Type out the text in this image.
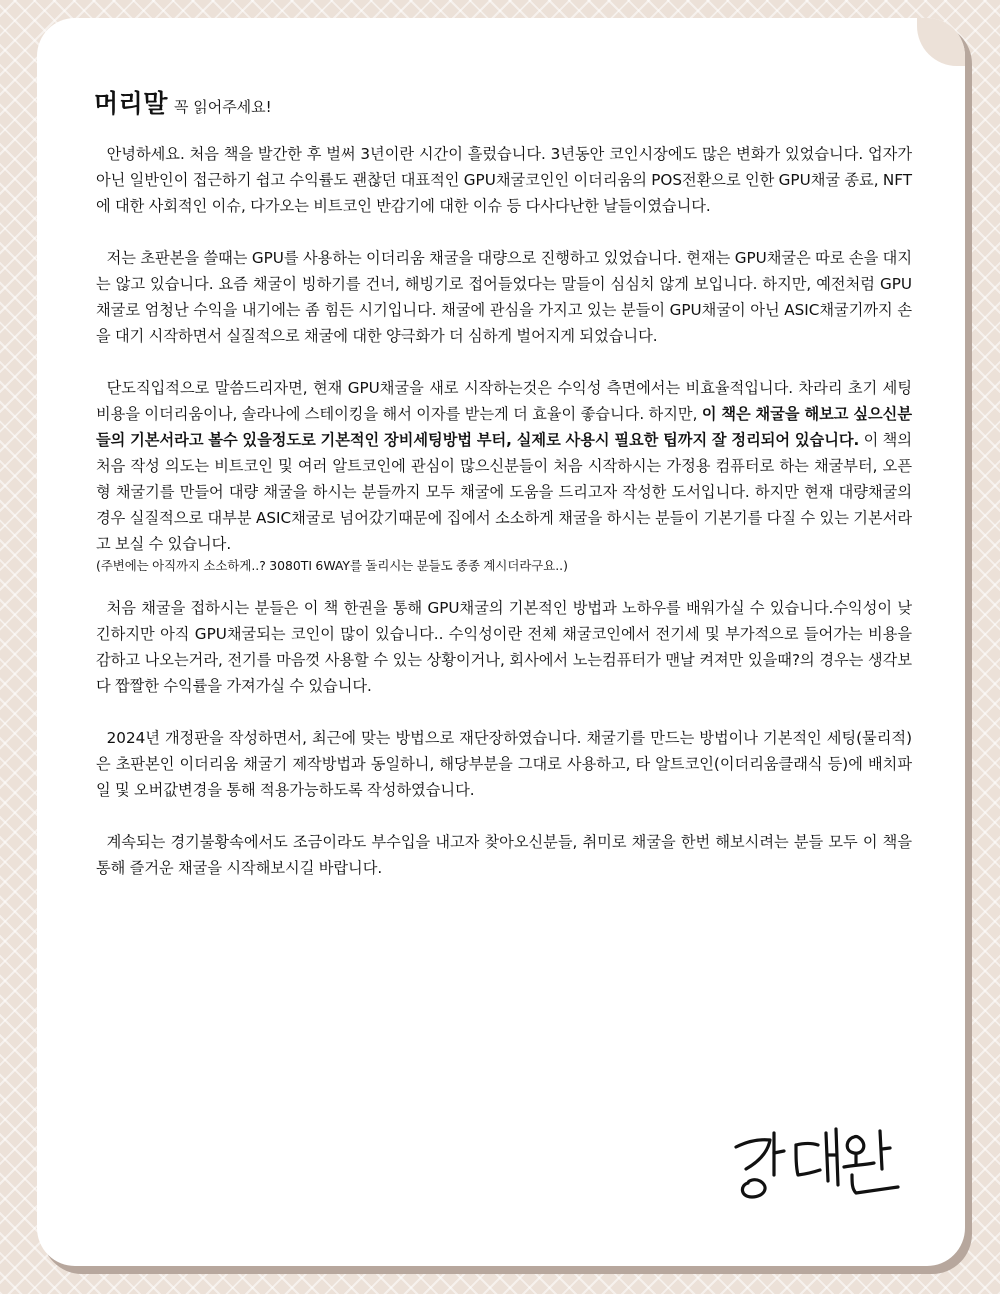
머리말 꼭 읽어주세요!

안녕하세요. 처음 책을 발간한 후 벌써 3년이란 시간이 흘렀습니다. 3년동안 코인시장에도 많은 변화가 있었습니다. 업자가 아닌 일반인이 접근하기 쉽고 수익률도 괜찮던 대표적인 GPU채굴코인인 이더리움의 POS전환으로 인한 GPU채굴 종료, NFT에 대한 사회적인 이슈, 다가오는 비트코인 반감기에 대한 이슈 등 다사다난한 날들이였습니다.

저는 초판본을 쓸때는 GPU를 사용하는 이더리움 채굴을 대량으로 진행하고 있었습니다. 현재는 GPU채굴은 따로 손을 대지는 않고 있습니다. 요즘 채굴이 빙하기를 건너, 해빙기로 접어들었다는 말들이 심심치 않게 보입니다. 하지만, 예전처럼 GPU채굴로 엄청난 수익을 내기에는 좀 힘든 시기입니다. 채굴에 관심을 가지고 있는 분들이 GPU채굴이 아닌 ASIC채굴기까지 손을 대기 시작하면서 실질적으로 채굴에 대한 양극화가 더 심하게 벌어지게 되었습니다.

단도직입적으로 말씀드리자면, 현재 GPU채굴을 새로 시작하는것은 수익성 측면에서는 비효율적입니다. 차라리 초기 세팅비용을 이더리움이나, 솔라나에 스테이킹을 해서 이자를 받는게 더 효율이 좋습니다. 하지만, 이 책은 채굴을 해보고 싶으신분들의 기본서라고 볼수 있을정도로 기본적인 장비세팅방법 부터, 실제로 사용시 필요한 팁까지 잘 정리되어 있습니다. 이 책의 처음 작성 의도는 비트코인 및 여러 알트코인에 관심이 많으신분들이 처음 시작하시는 가정용 컴퓨터로 하는 채굴부터, 오픈형 채굴기를 만들어 대량 채굴을 하시는 분들까지 모두 채굴에 도움을 드리고자 작성한 도서입니다. 하지만 현재 대량채굴의 경우 실질적으로 대부분 ASIC채굴로 넘어갔기때문에 집에서 소소하게 채굴을 하시는 분들이 기본기를 다질 수 있는 기본서라고 보실 수 있습니다.
(주변에는 아직까지 소소하게..? 3080TI 6WAY를 돌리시는 분들도 종종 계시더라구요..)

처음 채굴을 접하시는 분들은 이 책 한권을 통해 GPU채굴의 기본적인 방법과 노하우를 배워가실 수 있습니다.수익성이 낮긴하지만 아직 GPU채굴되는 코인이 많이 있습니다.. 수익성이란 전체 채굴코인에서 전기세 및 부가적으로 들어가는 비용을 감하고 나오는거라, 전기를 마음껏 사용할 수 있는 상황이거나, 회사에서 노는컴퓨터가 맨날 켜져만 있을때?의 경우는 생각보다 짭짤한 수익률을 가져가실 수 있습니다.

2024년 개정판을 작성하면서, 최근에 맞는 방법으로 재단장하였습니다. 채굴기를 만드는 방법이나 기본적인 세팅(물리적)은 초판본인 이더리움 채굴기 제작방법과 동일하니, 해당부분을 그대로 사용하고, 타 알트코인(이더리움클래식 등)에 배치파일 및 오버값변경을 통해 적용가능하도록 작성하였습니다.

계속되는 경기불황속에서도 조금이라도 부수입을 내고자 찾아오신분들, 취미로 채굴을 한번 해보시려는 분들 모두 이 책을 통해 즐거운 채굴을 시작해보시길 바랍니다.
